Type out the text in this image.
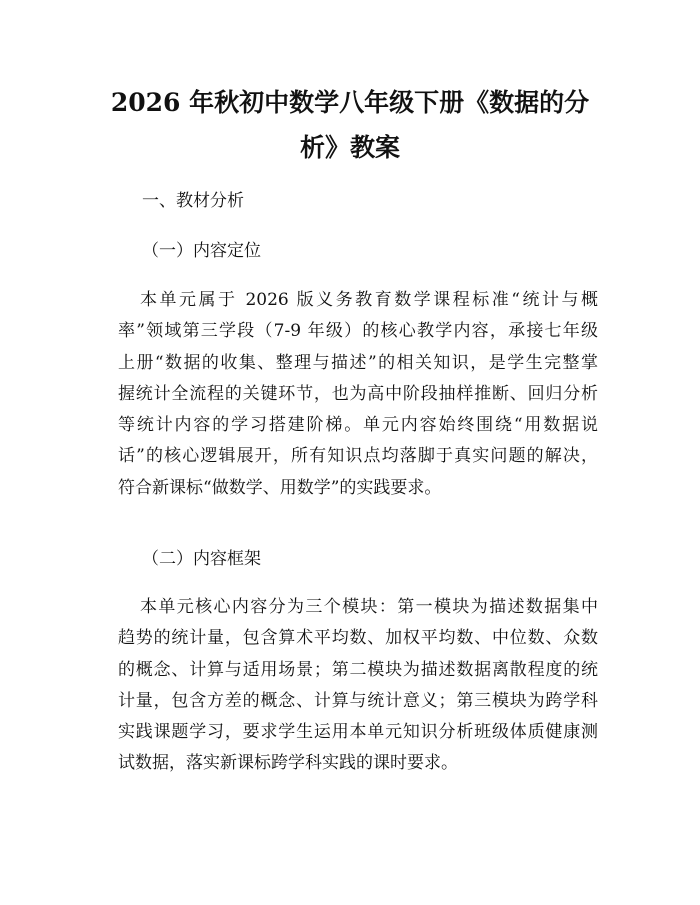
2026 年秋初中数学八年级下册《数据的分
析》教案

一、教材分析

（一）内容定位

本单元属于 2026 版义务教育数学课程标准“统计与概
率”领域第三学段（7-9 年级）的核心教学内容，承接七年级
上册“数据的收集、整理与描述”的相关知识，是学生完整掌
握统计全流程的关键环节，也为高中阶段抽样推断、回归分析
等统计内容的学习搭建阶梯。单元内容始终围绕“用数据说
话”的核心逻辑展开，所有知识点均落脚于真实问题的解决，
符合新课标“做数学、用数学”的实践要求。

（二）内容框架

本单元核心内容分为三个模块：第一模块为描述数据集中
趋势的统计量，包含算术平均数、加权平均数、中位数、众数
的概念、计算与适用场景；第二模块为描述数据离散程度的统
计量，包含方差的概念、计算与统计意义；第三模块为跨学科
实践课题学习，要求学生运用本单元知识分析班级体质健康测
试数据，落实新课标跨学科实践的课时要求。
